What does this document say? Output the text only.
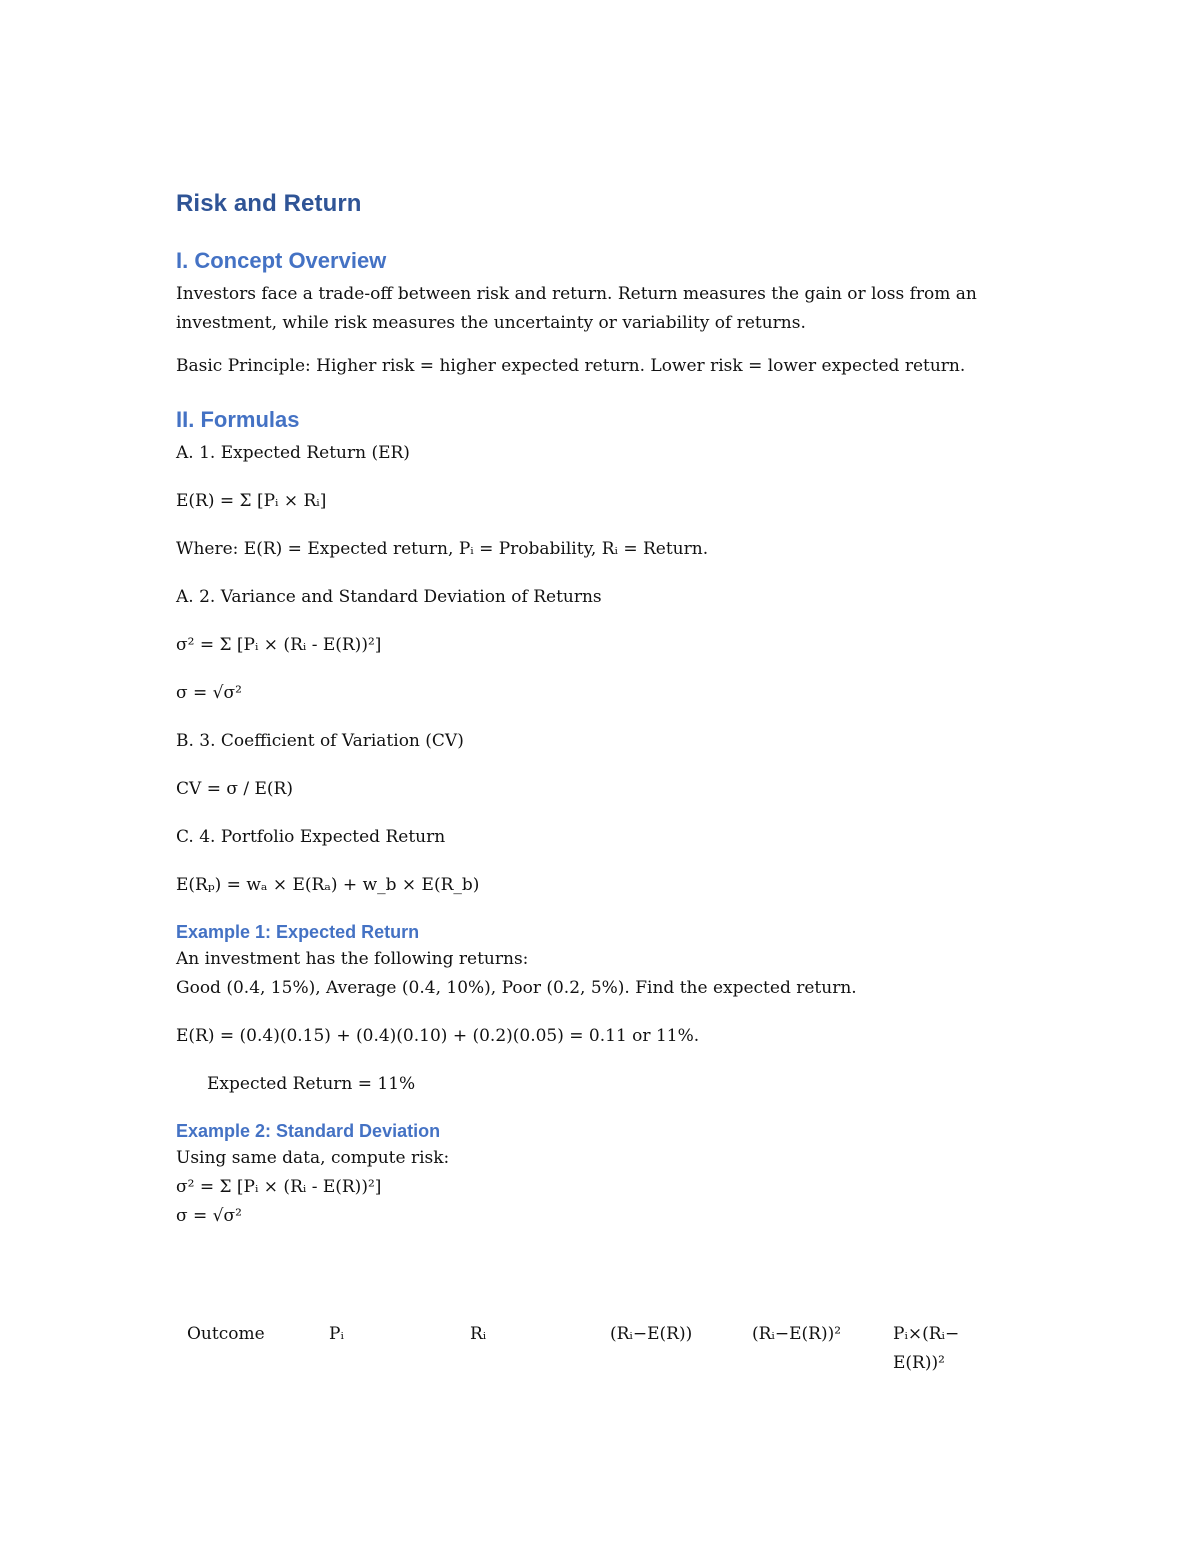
Risk and Return
I. Concept Overview

Investors face a trade-off between risk and return. Return measures the gain or loss from an
investment, while risk measures the uncertainty or variability of returns.

Basic Principle: Higher risk = higher expected return. Lower risk = lower expected return.

II. Formulas

A. 1. Expected Return (ER)

E(R) = Σ [Pᵢ × Rᵢ]

Where: E(R) = Expected return, Pᵢ = Probability, Rᵢ = Return.

A. 2. Variance and Standard Deviation of Returns

σ² = Σ [Pᵢ × (Rᵢ - E(R))²]

σ = √σ²

B. 3. Coefficient of Variation (CV)

CV = σ / E(R)

C. 4. Portfolio Expected Return

E(Rₚ) = wₐ × E(Rₐ) + w_b × E(R_b)

Example 1: Expected Return

An investment has the following returns:

Good (0.4, 15%), Average (0.4, 10%), Poor (0.2, 5%). Find the expected return.

E(R) = (0.4)(0.15) + (0.4)(0.10) + (0.2)(0.05) = 0.11 or 11%.

Expected Return = 11%

Example 2: Standard Deviation

Using same data, compute risk:

σ² = Σ [Pᵢ × (Rᵢ - E(R))²]

σ = √σ²

Outcome	Pᵢ	Rᵢ	(Rᵢ−E(R))	(Rᵢ−E(R))²	Pᵢ×(Rᵢ−
E(R))²
